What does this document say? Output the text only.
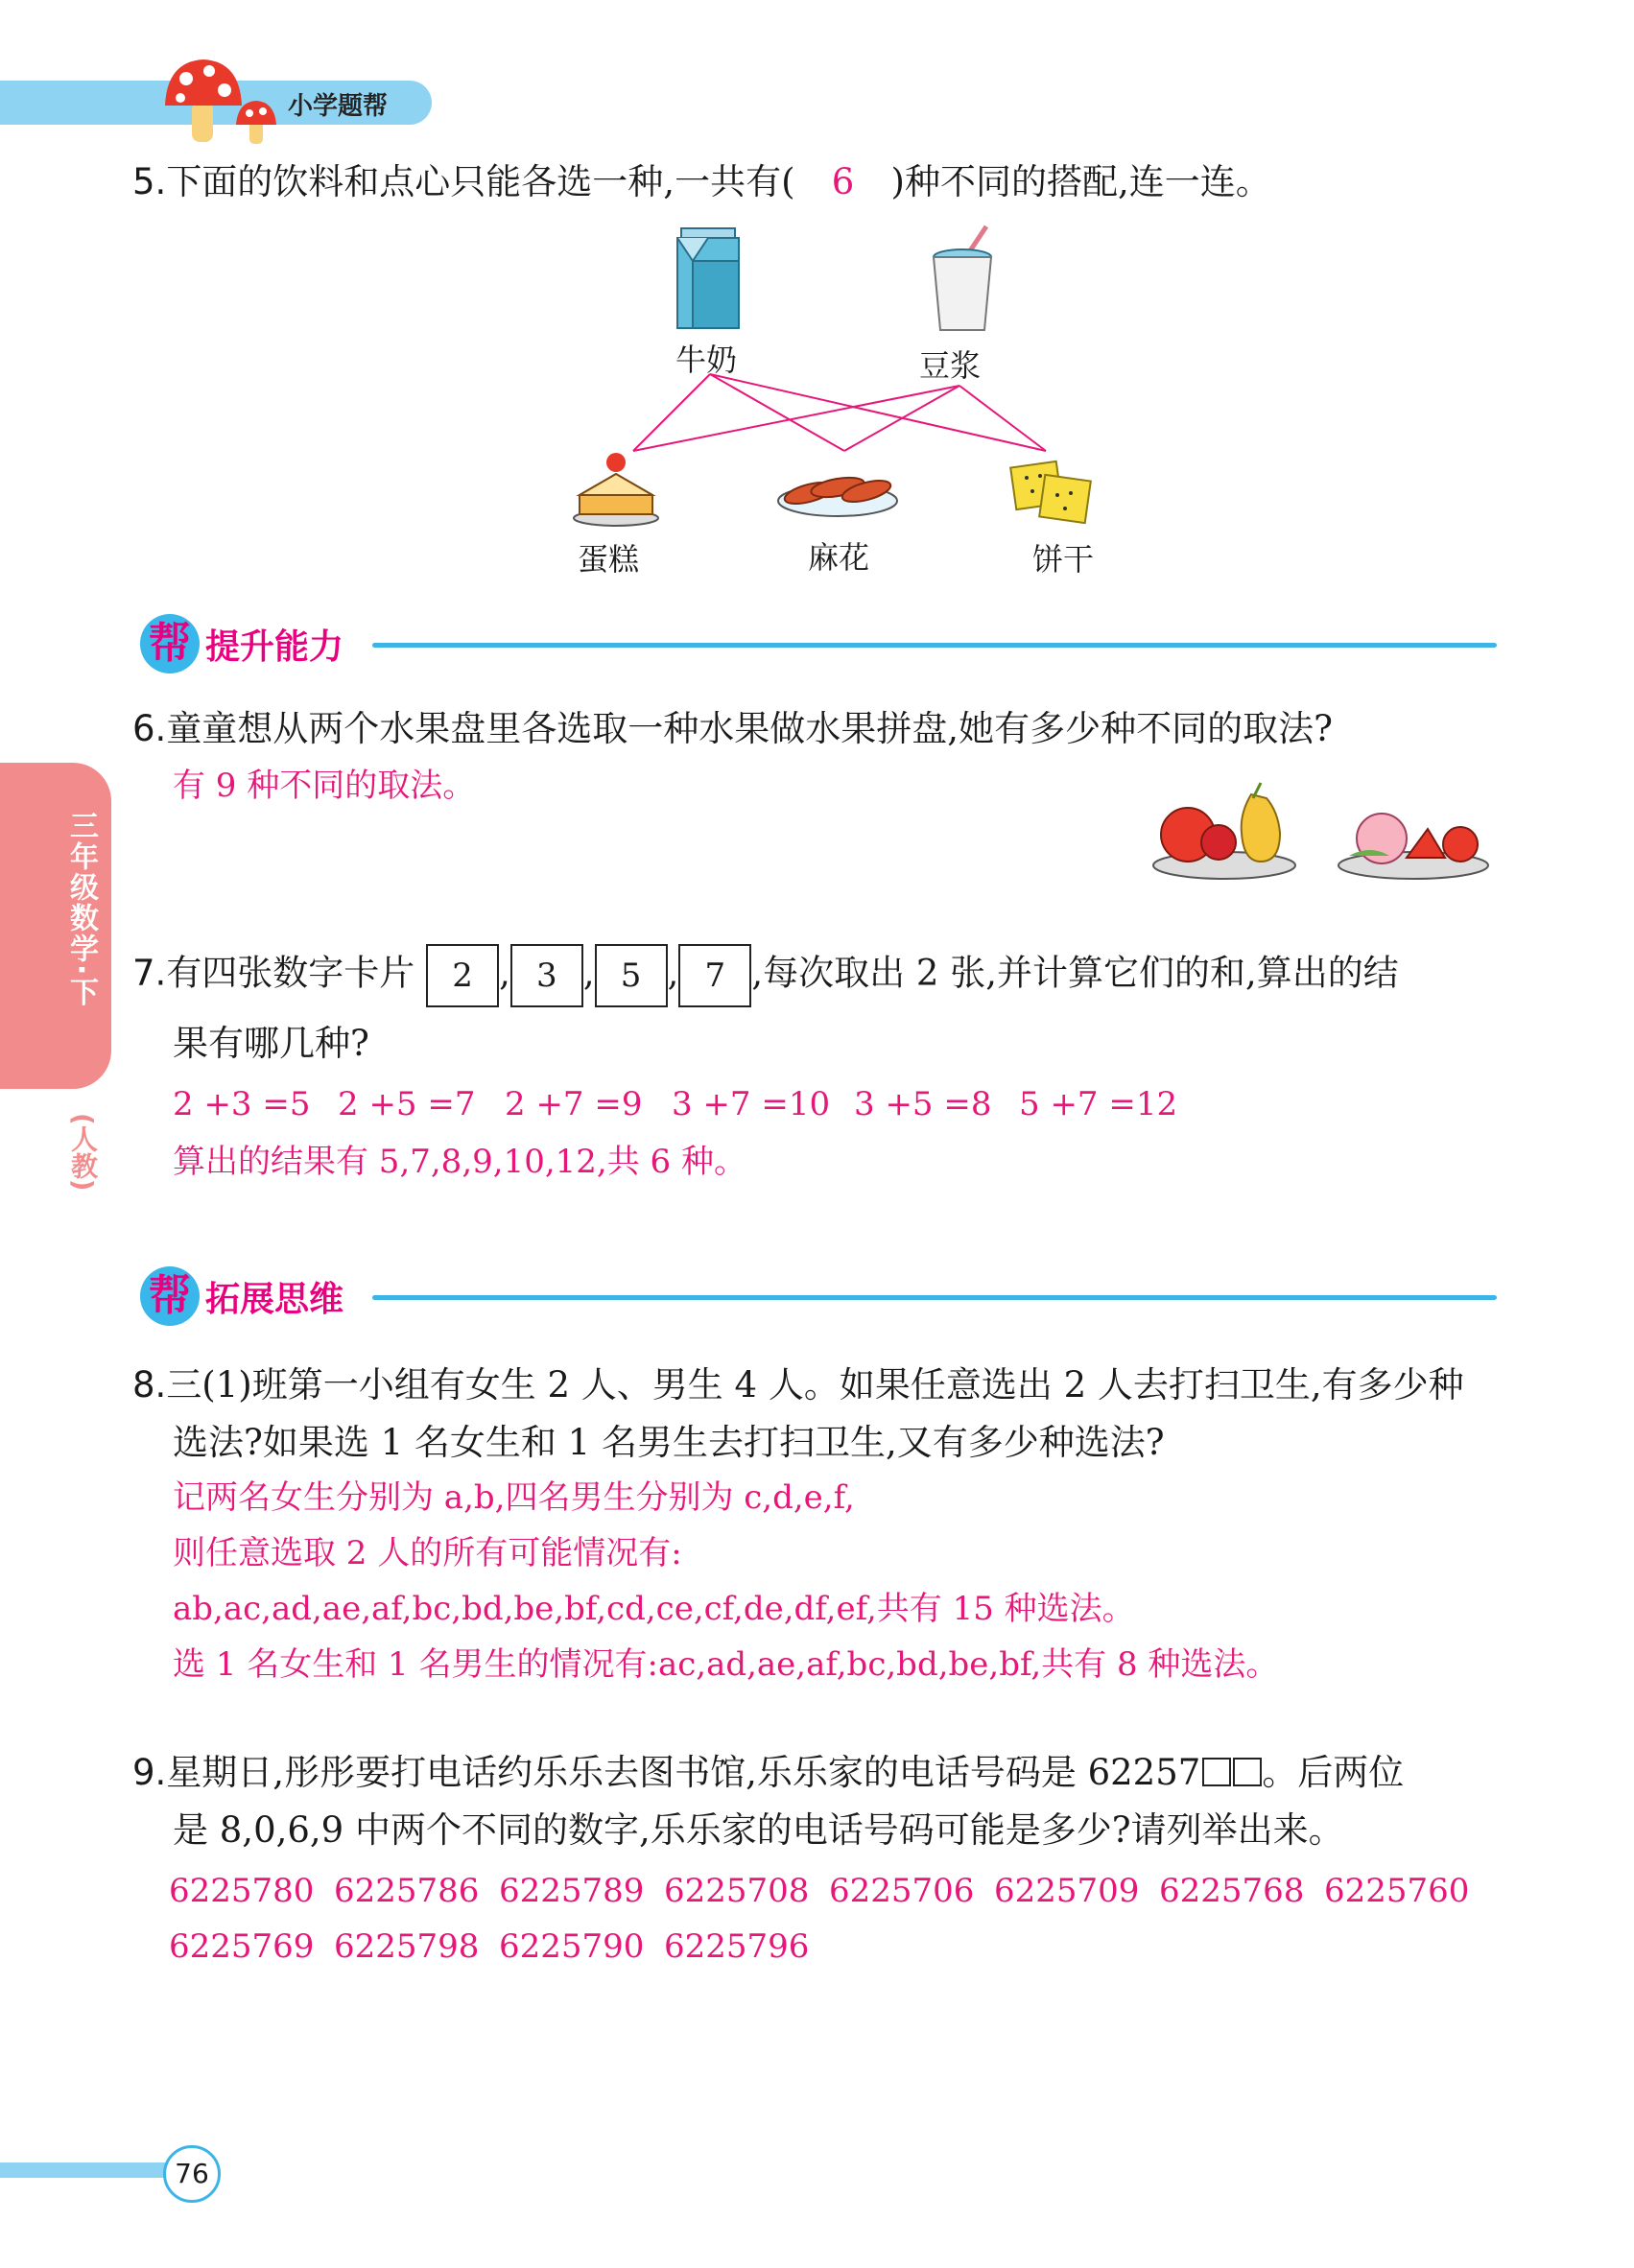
小学题帮
三年级数学·下
(人教)
5.下面的饮料和点心只能各选一种,一共有( 6 )种不同的搭配,连一连。
牛奶	豆浆
蛋糕	麻花	饼干
帮 提升能力
6.童童想从两个水果盘里各选取一种水果做水果拼盘,她有多少种不同的取法?
有 9 种不同的取法。
7.有四张数字卡片 2 , 3 , 5 , 7 ,每次取出 2 张,并计算它们的和,算出的结
果有哪几种?
2 +3 =5 2 +5 =7 2 +7 =9 3 +7 =10 3 +5 =8 5 +7 =12
算出的结果有 5,7,8,9,10,12,共 6 种。
帮 拓展思维
8.三(1)班第一小组有女生 2 人、男生 4 人。如果任意选出 2 人去打扫卫生,有多少种
选法?如果选 1 名女生和 1 名男生去打扫卫生,又有多少种选法?
记两名女生分别为 a,b,四名男生分别为 c,d,e,f,
则任意选取 2 人的所有可能情况有:
ab,ac,ad,ae,af,bc,bd,be,bf,cd,ce,cf,de,df,ef,共有 15 种选法。
选 1 名女生和 1 名男生的情况有:ac,ad,ae,af,bc,bd,be,bf,共有 8 种选法。
9.星期日,彤彤要打电话约乐乐去图书馆,乐乐家的电话号码是 62257 。后两位
是 8,0,6,9 中两个不同的数字,乐乐家的电话号码可能是多少?请列举出来。
6225780 6225786 6225789 6225708 6225706 6225709 6225768 6225760
6225769 6225798 6225790 6225796
76
